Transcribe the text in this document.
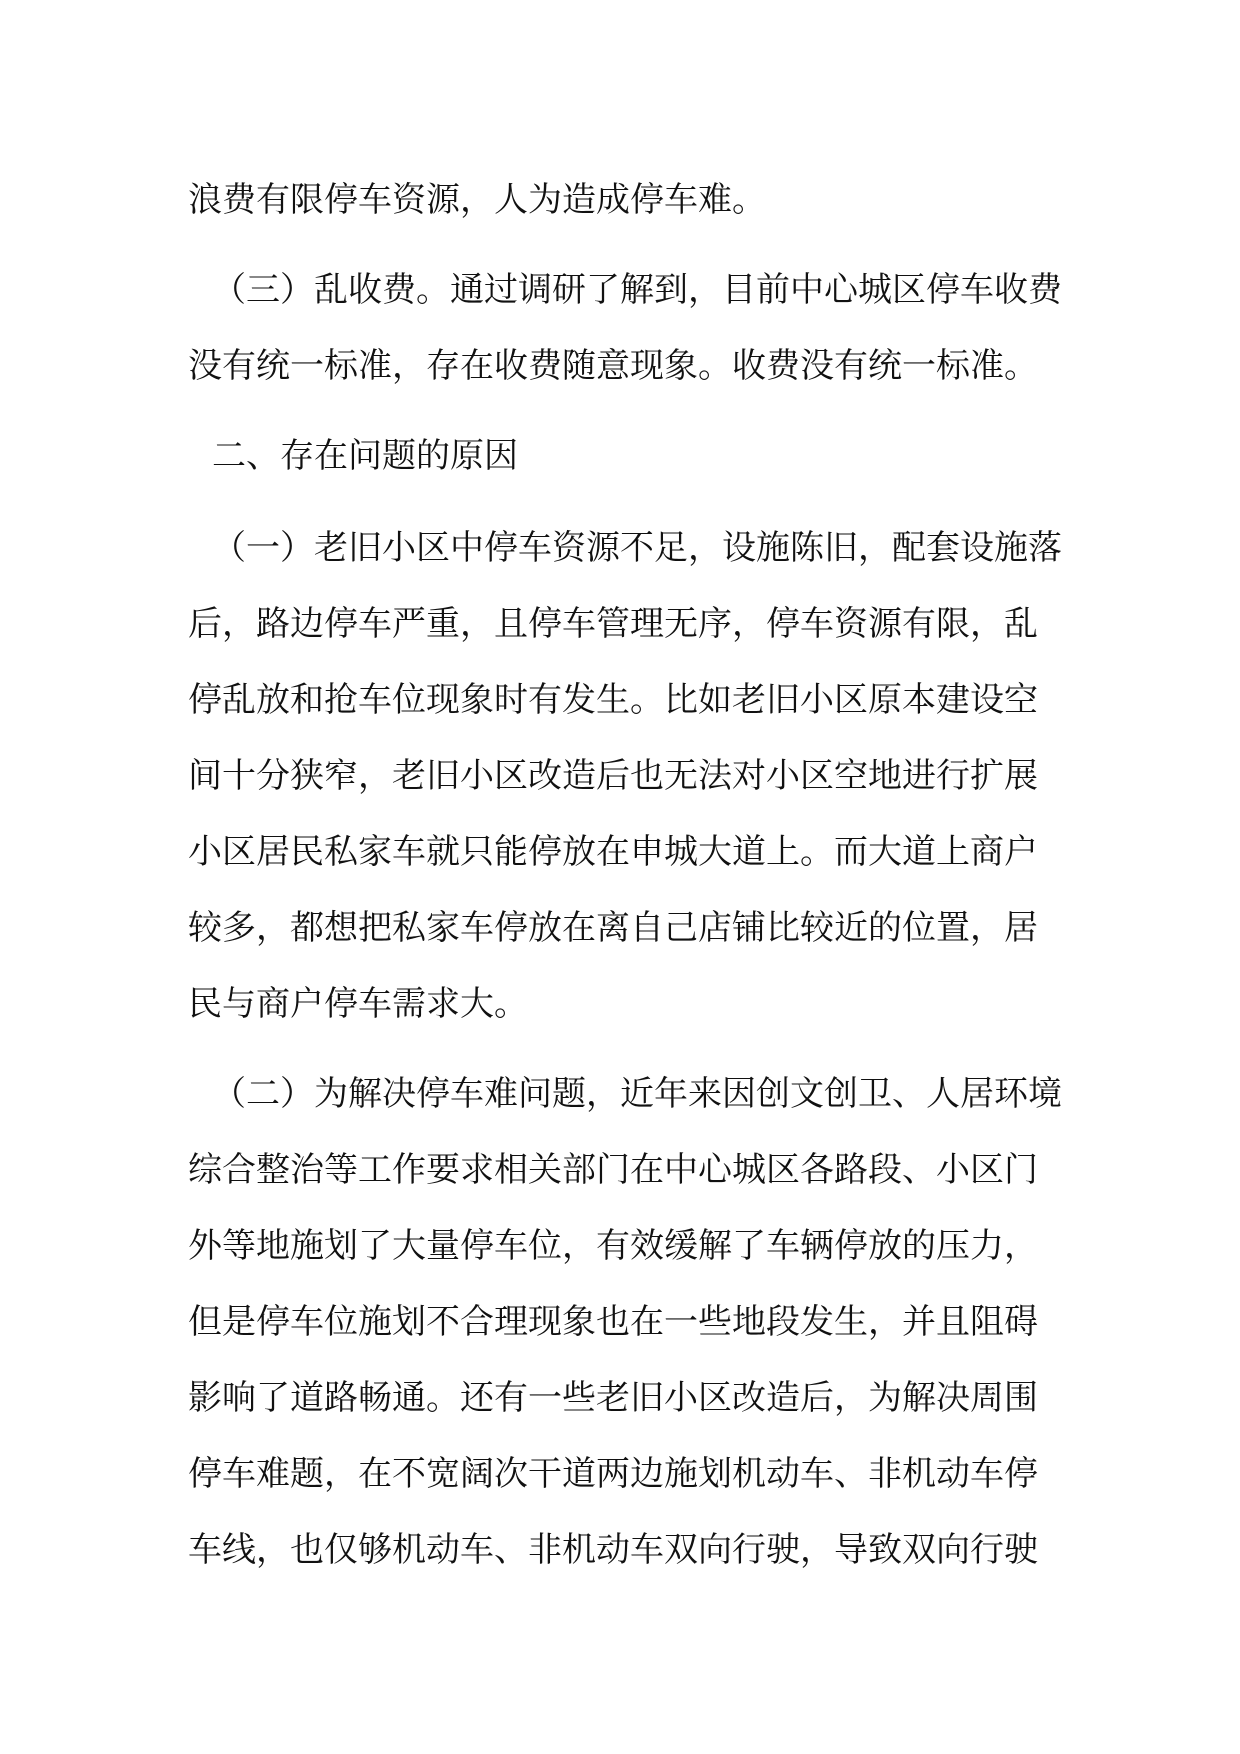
浪费有限停车资源，人为造成停车难。
（三）乱收费。通过调研了解到，目前中心城区停车收费
没有统一标准，存在收费随意现象。收费没有统一标准。
二、存在问题的原因
（一）老旧小区中停车资源不足，设施陈旧，配套设施落
后，路边停车严重，且停车管理无序，停车资源有限，乱
停乱放和抢车位现象时有发生。比如老旧小区原本建设空
间十分狭窄，老旧小区改造后也无法对小区空地进行扩展
小区居民私家车就只能停放在申城大道上。而大道上商户
较多，都想把私家车停放在离自己店铺比较近的位置，居
民与商户停车需求大。
（二）为解决停车难问题，近年来因创文创卫、人居环境
综合整治等工作要求相关部门在中心城区各路段、小区门
外等地施划了大量停车位，有效缓解了车辆停放的压力，
但是停车位施划不合理现象也在一些地段发生，并且阻碍
影响了道路畅通。还有一些老旧小区改造后，为解决周围
停车难题，在不宽阔次干道两边施划机动车、非机动车停
车线，也仅够机动车、非机动车双向行驶，导致双向行驶
